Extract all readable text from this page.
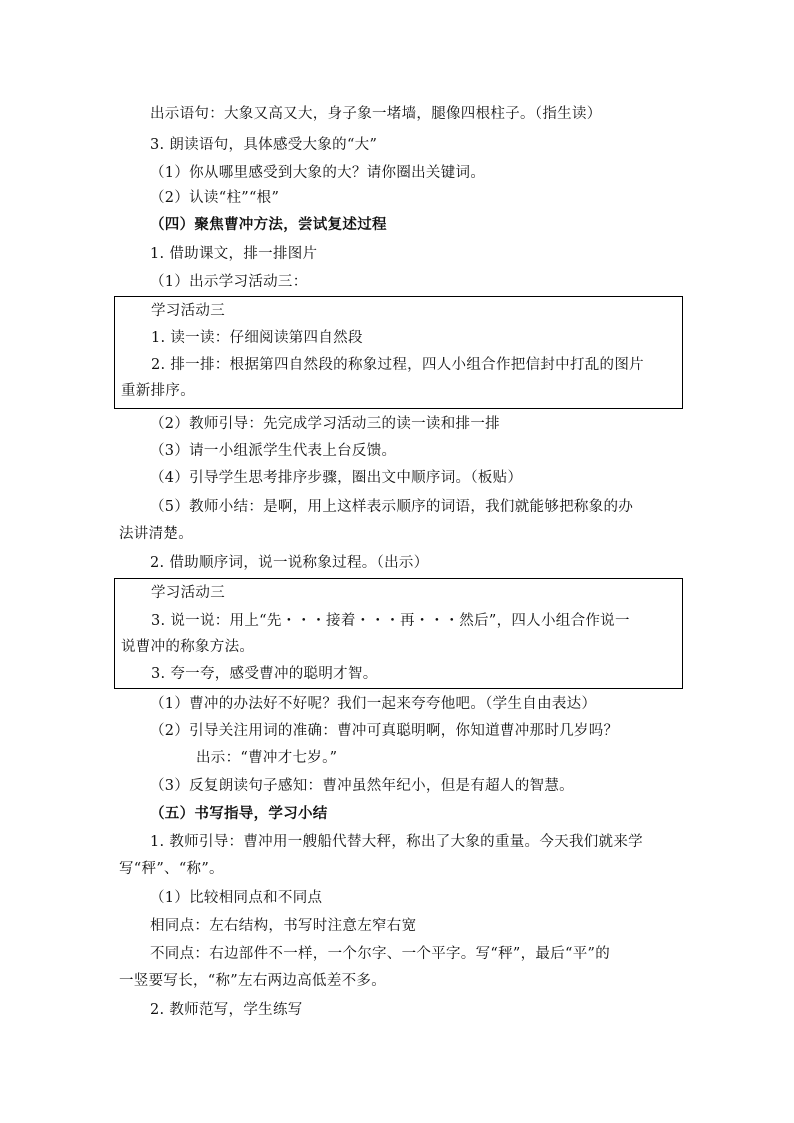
出示语句：大象又高又大，身子象一堵墙，腿像四根柱子。（指生读）
3. 朗读语句，具体感受大象的“大”
（1）你从哪里感受到大象的大？请你圈出关键词。
（2）认读“柱”“根”
（四）聚焦曹冲方法，尝试复述过程
1. 借助课文，排一排图片
（1）出示学习活动三：
学习活动三
1. 读一读：仔细阅读第四自然段
2. 排一排：根据第四自然段的称象过程，四人小组合作把信封中打乱的图片
重新排序。
（2）教师引导：先完成学习活动三的读一读和排一排
（3）请一小组派学生代表上台反馈。
（4）引导学生思考排序步骤，圈出文中顺序词。（板贴）
（5）教师小结：是啊，用上这样表示顺序的词语，我们就能够把称象的办
法讲清楚。
2. 借助顺序词，说一说称象过程。（出示）
学习活动三
3. 说一说：用上“先・・・接着・・・再・・・然后”，四人小组合作说一
说曹冲的称象方法。
3. 夸一夸，感受曹冲的聪明才智。
（1）曹冲的办法好不好呢？我们一起来夸夸他吧。（学生自由表达）
（2）引导关注用词的准确：曹冲可真聪明啊，你知道曹冲那时几岁吗？
出示：“曹冲才七岁。”
（3）反复朗读句子感知：曹冲虽然年纪小，但是有超人的智慧。
（五）书写指导，学习小结
1. 教师引导：曹冲用一艘船代替大秤，称出了大象的重量。今天我们就来学
写“秤”、“称”。
（1）比较相同点和不同点
相同点：左右结构，书写时注意左窄右宽
不同点：右边部件不一样，一个尔字、一个平字。写“秤”，最后“平”的
一竖要写长，“称”左右两边高低差不多。
2. 教师范写，学生练写
